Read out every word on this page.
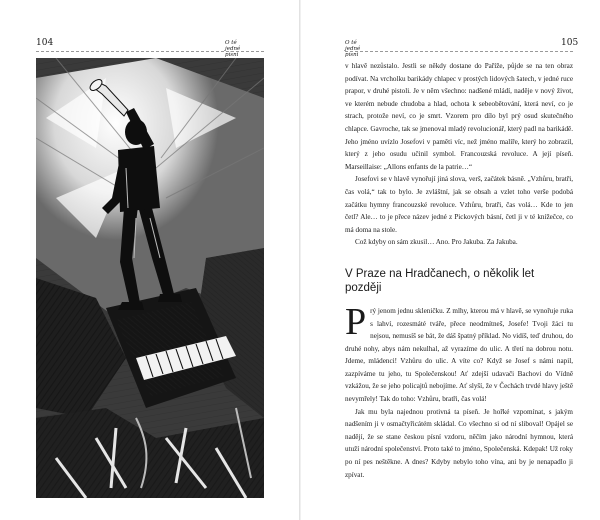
104	O té jedné písni
O té jedné písni
105

v hlavě nezůstalo. Jestli se někdy dostane do Paříže, půjde se na ten obraz podívat. Na vrcholku barikády chlapec v prostých lidových šatech, v jedné ruce prapor, v druhé pistoli. Je v něm všechno: nadšené mládí, naděje v nový život, ve kterém nebude chudoba a hlad, ochota k sebeobětování, která neví, co je strach, protože neví, co je smrt. Vzorem pro dílo byl prý osud skutečného chlapce. Gavroche, tak se jmenoval mladý revolucionář, který padl na barikádě. Jeho jméno uvízlo Josefovi v paměti víc, než jméno malíře, který ho zobrazil, který z jeho osudu učinil symbol. Francouzská revoluce. A její píseň. Marseillaise: „Allons enfants de la patrie…“

Josefovi se v hlavě vynořují jiná slova, verš, začátek básně. „Vzhůru, bratři, čas volá,“ tak to bylo. Je zvláštní, jak se obsah a vzlet toho verše podobá začátku hymny francouzské revoluce. Vzhůru, bratři, čas volá… Kde to jen četl? Ale… to je přece název jedné z Pickových básní, četl ji v té knížečce, co má doma na stole.

Což kdyby on sám zkusil… Ano. Pro Jakuba. Za Jakuba.

V Praze na Hradčanech, o několik let později

Prý jenom jednu skleničku. Z mlhy, kterou má v hlavě, se vynořuje ruka s lahví, rozesmáté tváře, přece neodmítneš, Josefe! Tvoji žáci tu nejsou, nemusíš se bát, že dáš špatný příklad. No vidíš, teď druhou, do druhé nohy, abys nám nekulhal, až vyrazíme do ulic. A třetí na dobrou notu. Jdeme, mládenci! Vzhůru do ulic. A víte co? Když se Josef s námi napil, zazpíváme tu jeho, tu Společenskou! Ať zdejší udavači Bachovi do Vídně vzkážou, že se jeho policajtů nebojíme. Ať slyší, že v Čechách trvdé hlavy ještě nevymřely! Tak do toho: Vzhůru, bratři, čas volá!

Jak mu byla najednou protivná ta píseň. Je hořké vzpomínat, s jakým nadšením ji v osmačtyřicátém skládal. Co všechno si od ní sliboval! Opájel se nadějí, že se stane českou písní vzdoru, něčím jako národní hymnou, která utuží národní společenství. Proto také to jméno, Společenská. Kdepak! Už roky po ní pes neštěkne. A dnes? Kdyby nebylo toho vína, ani by je nenapadlo ji zpívat.
